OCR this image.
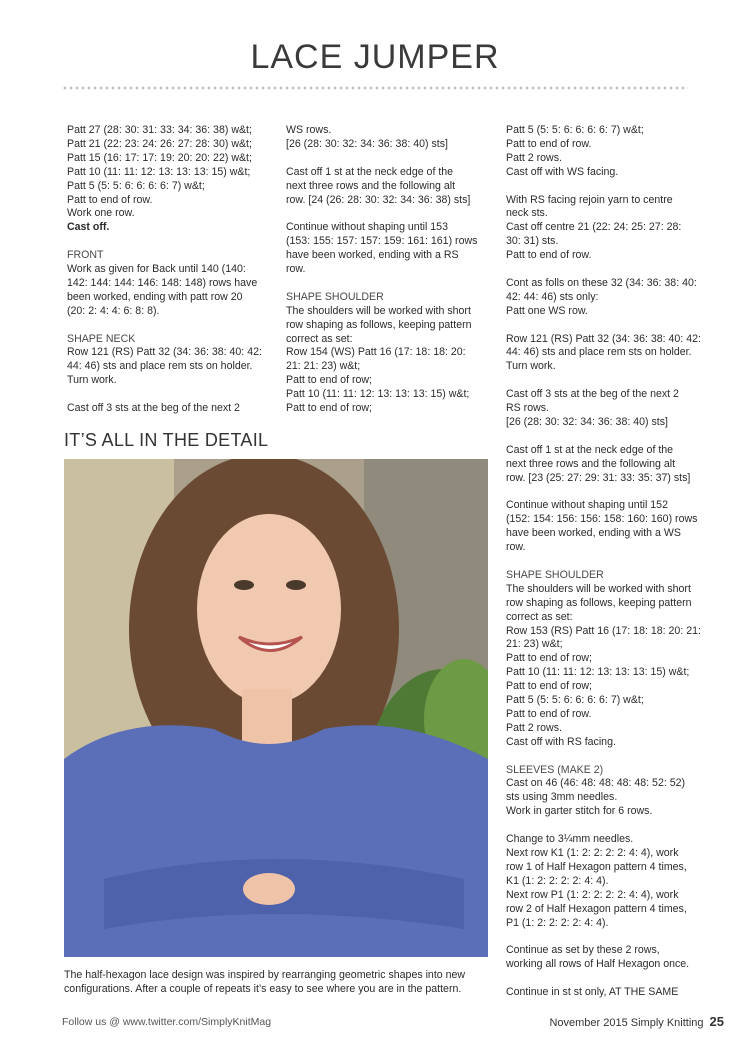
LACE JUMPER

Patt 27 (28: 30: 31: 33: 34: 36: 38) w&t;

Patt 21 (22: 23: 24: 26: 27: 28: 30) w&t;

Patt 15 (16: 17: 17: 19: 20: 20: 22) w&t;

Patt 10 (11: 11: 12: 13: 13: 13: 15) w&t;

Patt 5 (5: 5: 6: 6: 6: 6: 7) w&t;

Patt to end of row.

Work one row.

Cast off.

FRONT

Work as given for Back until 140 (140:

142: 144: 144: 146: 148: 148) rows have

been worked, ending with patt row 20

(20: 2: 4: 4: 6: 8: 8).

SHAPE NECK

Row 121 (RS) Patt 32 (34: 36: 38: 40: 42:

44: 46) sts and place rem sts on holder.

Turn work.

Cast off 3 sts at the beg of the next 2

WS rows.

[26 (28: 30: 32: 34: 36: 38: 40) sts]

Cast off 1 st at the neck edge of the

next three rows and the following alt

row. [24 (26: 28: 30: 32: 34: 36: 38) sts]

Continue without shaping until 153

(153: 155: 157: 157: 159: 161: 161) rows

have been worked, ending with a RS

row.

SHAPE SHOULDER

The shoulders will be worked with short

row shaping as follows, keeping pattern

correct as set:

Row 154 (WS) Patt 16 (17: 18: 18: 20:

21: 21: 23) w&t;

Patt to end of row;

Patt 10 (11: 11: 12: 13: 13: 13: 15) w&t;

Patt to end of row;

Patt 5 (5: 5: 6: 6: 6: 6: 7) w&t;

Patt to end of row.

Patt 2 rows.

Cast off with WS facing.

With RS facing rejoin yarn to centre

neck sts.

Cast off centre 21 (22: 24: 25: 27: 28:

30: 31) sts.

Patt to end of row.

Cont as folls on these 32 (34: 36: 38: 40:

42: 44: 46) sts only:

Patt one WS row.

Row 121 (RS) Patt 32 (34: 36: 38: 40: 42:

44: 46) sts and place rem sts on holder.

Turn work.

Cast off 3 sts at the beg of the next 2

RS rows.

[26 (28: 30: 32: 34: 36: 38: 40) sts]

Cast off 1 st at the neck edge of the

next three rows and the following alt

row. [23 (25: 27: 29: 31: 33: 35: 37) sts]

Continue without shaping until 152

(152: 154: 156: 156: 158: 160: 160) rows

have been worked, ending with a WS

row.

SHAPE SHOULDER

The shoulders will be worked with short

row shaping as follows, keeping pattern

correct as set:

Row 153 (RS) Patt 16 (17: 18: 18: 20: 21:

21: 23) w&t;

Patt to end of row;

Patt 10 (11: 11: 12: 13: 13: 13: 15) w&t;

Patt to end of row;

Patt 5 (5: 5: 6: 6: 6: 6: 7) w&t;

Patt to end of row.

Patt 2 rows.

Cast off with RS facing.

SLEEVES (MAKE 2)

Cast on 46 (46: 48: 48: 48: 48: 52: 52)

sts using 3mm needles.

Work in garter stitch for 6 rows.

Change to 3¼mm needles.

Next row K1 (1: 2: 2: 2: 2: 4: 4), work

row 1 of Half Hexagon pattern 4 times,

K1 (1: 2: 2: 2: 2: 4: 4).

Next row P1 (1: 2: 2: 2: 2: 4: 4), work

row 2 of Half Hexagon pattern 4 times,

P1 (1: 2: 2: 2: 2: 4: 4).

Continue as set by these 2 rows,

working all rows of Half Hexagon once.

Continue in st st only, AT THE SAME

IT’S ALL IN THE DETAIL
The half-hexagon lace design was inspired by rearranging geometric shapes into new configurations. After a couple of repeats it’s easy to see where you are in the pattern.
Follow us @ www.twitter.com/SimplyKnitMag	November 2015 Simply Knitting 25
